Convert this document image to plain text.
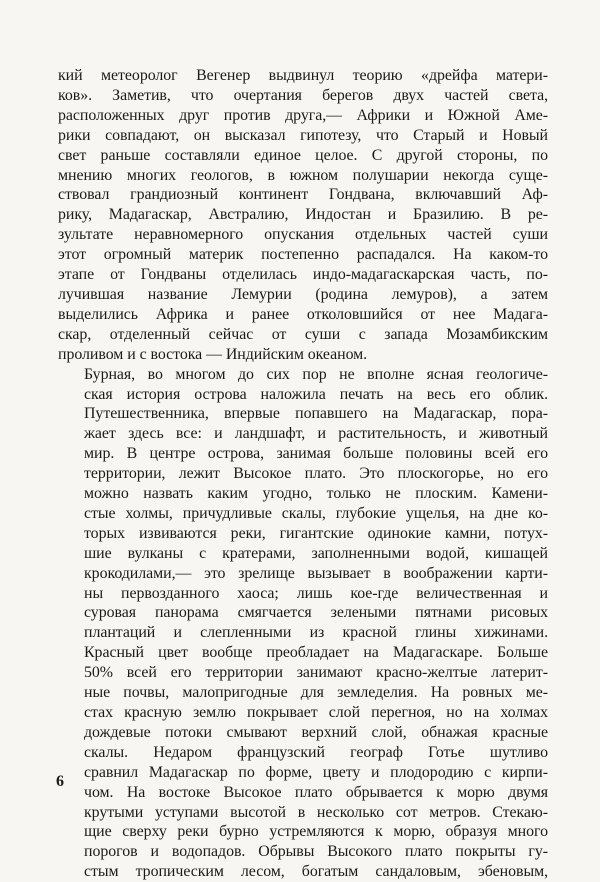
кий метеоролог Вегенер выдвинул теорию «дрейфа матери-
ков». Заметив, что очертания берегов двух частей света,
расположенных друг против друга,— Африки и Южной Аме-
рики совпадают, он высказал гипотезу, что Старый и Новый
свет раньше составляли единое целое. С другой стороны, по
мнению многих геологов, в южном полушарии некогда суще-
ствовал грандиозный континент Гондвана, включавший Аф-
рику, Мадагаскар, Австралию, Индостан и Бразилию. В ре-
зультате неравномерного опускания отдельных частей суши
этот огромный материк постепенно распадался. На каком-то
этапе от Гондваны отделилась индо-мадагаскарская часть, по-
лучившая название Лемурии (родина лемуров), а затем
выделились Африка и ранее отколовшийся от нее Мадага-
скар, отделенный сейчас от суши с запада Мозамбикским
проливом и с востока — Индийским океаном.
Бурная, во многом до сих пор не вполне ясная геологиче-
ская история острова наложила печать на весь его облик.
Путешественника, впервые попавшего на Мадагаскар, пора-
жает здесь все: и ландшафт, и растительность, и животный
мир. В центре острова, занимая больше половины всей его
территории, лежит Высокое плато. Это плоскогорье, но его
можно назвать каким угодно, только не плоским. Камени-
стые холмы, причудливые скалы, глубокие ущелья, на дне ко-
торых извиваются реки, гигантские одинокие камни, потух-
шие вулканы с кратерами, заполненными водой, кишащей
крокодилами,— это зрелище вызывает в воображении карти-
ны первозданного хаоса; лишь кое-где величественная и
суровая панорама смягчается зелеными пятнами рисовых
плантаций и слепленными из красной глины хижинами.
Красный цвет вообще преобладает на Мадагаскаре. Больше
50% всей его территории занимают красно-желтые латерит-
ные почвы, малопригодные для земледелия. На ровных ме-
стах красную землю покрывает слой перегноя, но на холмах
дождевые потоки смывают верхний слой, обнажая красные
скалы. Недаром французский географ Готье шутливо
сравнил Мадагаскар по форме, цвету и плодородию с кирпи-
чом. На востоке Высокое плато обрывается к морю двумя
крутыми уступами высотой в несколько сот метров. Стекаю-
щие сверху реки бурно устремляются к морю, образуя много
порогов и водопадов. Обрывы Высокого плато покрыты гу-
стым тропическим лесом, богатым сандаловым, эбеновым,
6
